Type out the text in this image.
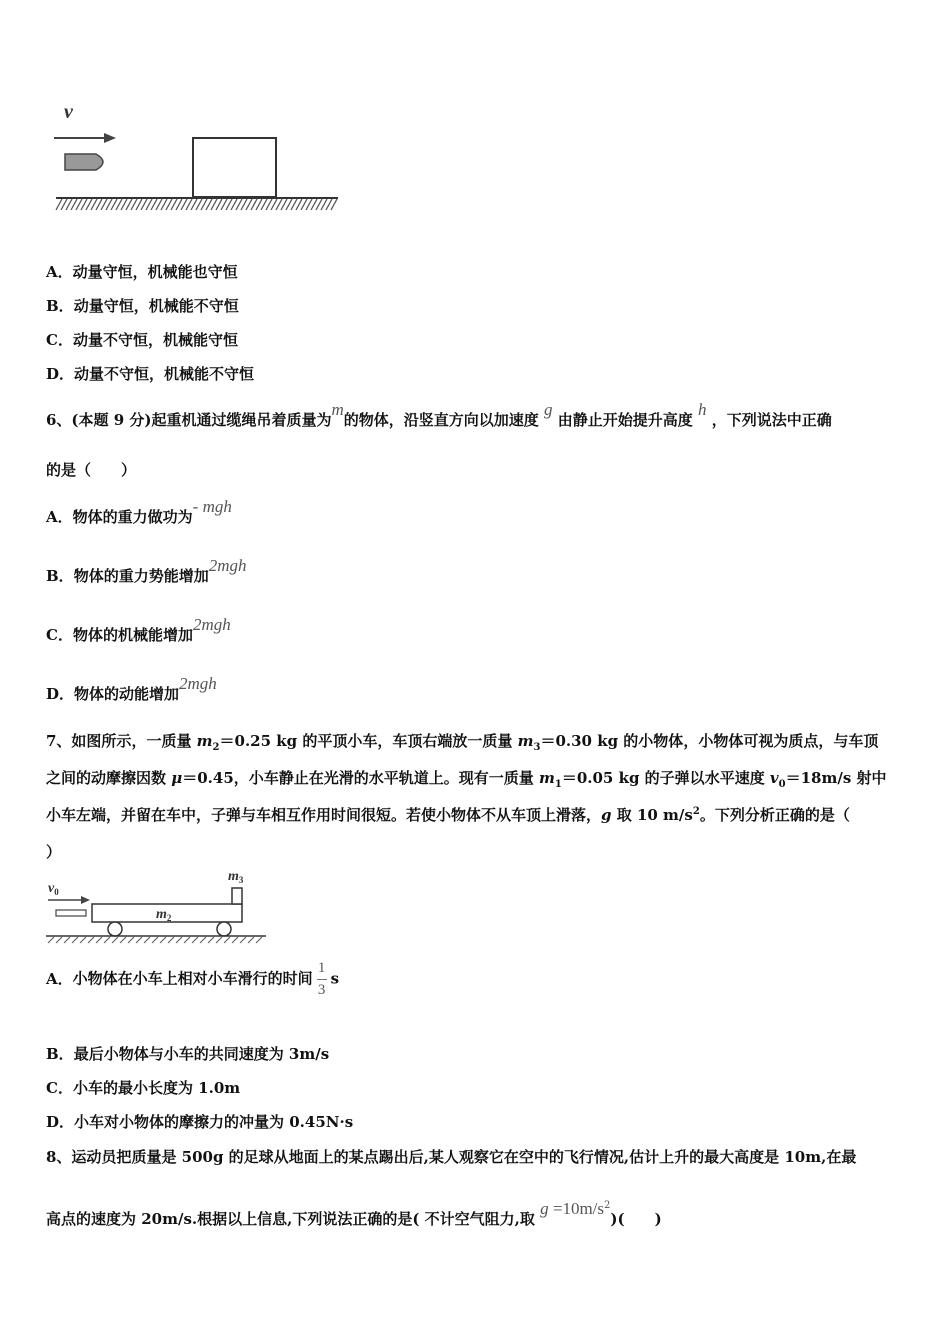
v
A．动量守恒，机械能也守恒
B．动量守恒，机械能不守恒
C．动量不守恒，机械能守恒
D．动量不守恒，机械能不守恒
6、(本题 9 分)起重机通过缆绳吊着质量为m的物体，沿竖直方向以加速度 g 由静止开始提升高度 h ，下列说法中正确
的是（　　）
A．物体的重力做功为- mgh
B．物体的重力势能增加2mgh
C．物体的机械能增加2mgh
D．物体的动能增加2mgh
7、如图所示，一质量 $m_2=0.25$ kg 的平顶小车，车顶右端放一质量 $m_3=0.30$ kg 的小物体，小物体可视为质点，与车顶
之间的动摩擦因数 μ＝0.45，小车静止在光滑的水平轨道上。现有一质量 $m_1=0.05$ kg 的子弹以水平速度 $v_0=18m/s$ 射中
小车左端，并留在车中，子弹与车相互作用时间很短。若使小物体不从车顶上滑落，g 取 10 $m/s^2$。下列分析正确的是（
）
$v_0$
$m_2$
$m_3$
A．小物体在小车上相对小车滑行的时间 $\frac{1}{3}$ s
B．最后小物体与小车的共同速度为 3m/s
C．小车的最小长度为 1.0m
D．小车对小物体的摩擦力的冲量为 0.45N·s
8、运动员把质量是 500g 的足球从地面上的某点踢出后,某人观察它在空中的飞行情况,估计上升的最大高度是 10m,在最
高点的速度为 20m/s.根据以上信息,下列说法正确的是( 不计空气阻力,取 $g =10m/s^2$)(　　)
